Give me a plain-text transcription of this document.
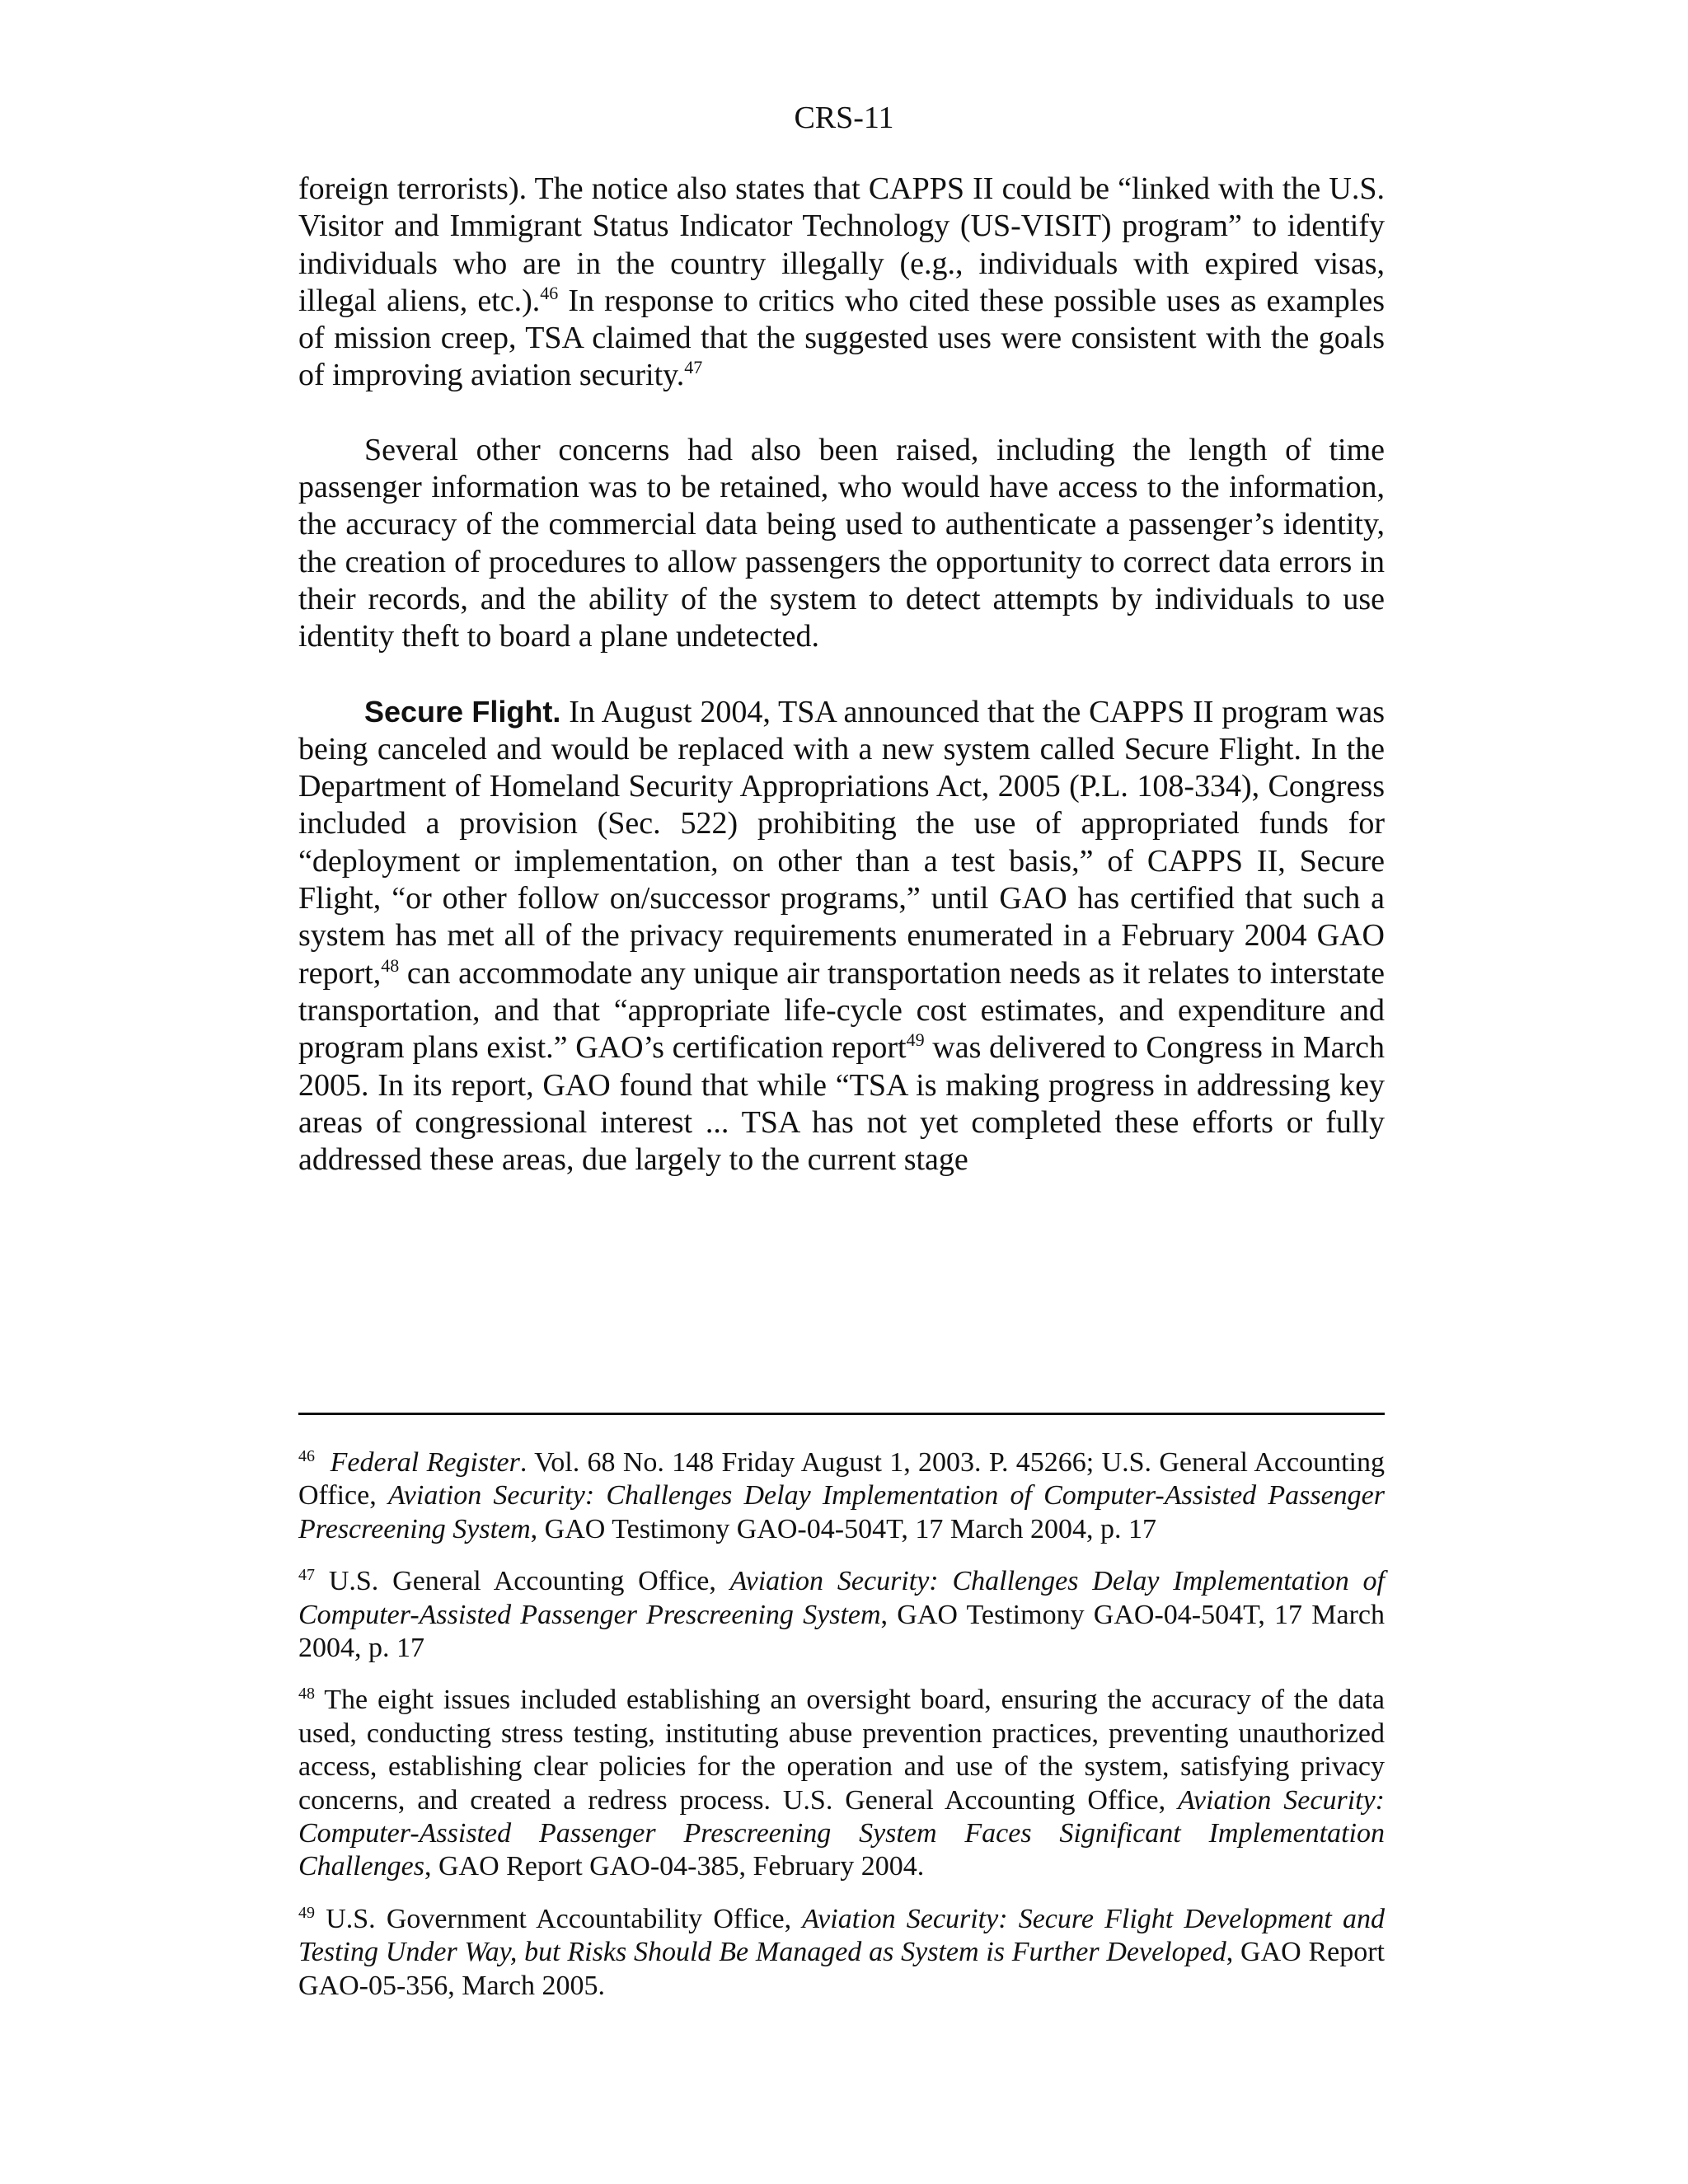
CRS-11

foreign terrorists). The notice also states that CAPPS II could be “linked with the U.S. Visitor and Immigrant Status Indicator Technology (US-VISIT) program” to identify individuals who are in the country illegally (e.g., individuals with expired visas, illegal aliens, etc.).$^{46}$ In response to critics who cited these possible uses as examples of mission creep, TSA claimed that the suggested uses were consistent with the goals of improving aviation security.$^{47}$

Several other concerns had also been raised, including the length of time passenger information was to be retained, who would have access to the information, the accuracy of the commercial data being used to authenticate a passenger’s identity, the creation of procedures to allow passengers the opportunity to correct data errors in their records, and the ability of the system to detect attempts by individuals to use identity theft to board a plane undetected.

Secure Flight. In August 2004, TSA announced that the CAPPS II program was being canceled and would be replaced with a new system called Secure Flight. In the Department of Homeland Security Appropriations Act, 2005 (P.L. 108-334), Congress included a provision (Sec. 522) prohibiting the use of appropriated funds for “deployment or implementation, on other than a test basis,” of CAPPS II, Secure Flight, “or other follow on/successor programs,” until GAO has certified that such a system has met all of the privacy requirements enumerated in a February 2004 GAO report,$^{48}$ can accommodate any unique air transportation needs as it relates to interstate transportation, and that “appropriate life-cycle cost estimates, and expenditure and program plans exist.” GAO’s certification report$^{49}$ was delivered to Congress in March 2005. In its report, GAO found that while “TSA is making progress in addressing key areas of congressional interest ... TSA has not yet completed these efforts or fully addressed these areas, due largely to the current stage

$^{46}$ Federal Register. Vol. 68 No. 148 Friday August 1, 2003. P. 45266; U.S. General Accounting Office, Aviation Security: Challenges Delay Implementation of Computer-Assisted Passenger Prescreening System, GAO Testimony GAO-04-504T, 17 March 2004, p. 17

$^{47}$ U.S. General Accounting Office, Aviation Security: Challenges Delay Implementation of Computer-Assisted Passenger Prescreening System, GAO Testimony GAO-04-504T, 17 March 2004, p. 17

$^{48}$ The eight issues included establishing an oversight board, ensuring the accuracy of the data used, conducting stress testing, instituting abuse prevention practices, preventing unauthorized access, establishing clear policies for the operation and use of the system, satisfying privacy concerns, and created a redress process. U.S. General Accounting Office, Aviation Security: Computer-Assisted Passenger Prescreening System Faces Significant Implementation Challenges, GAO Report GAO-04-385, February 2004.

$^{49}$ U.S. Government Accountability Office, Aviation Security: Secure Flight Development and Testing Under Way, but Risks Should Be Managed as System is Further Developed, GAO Report GAO-05-356, March 2005.
